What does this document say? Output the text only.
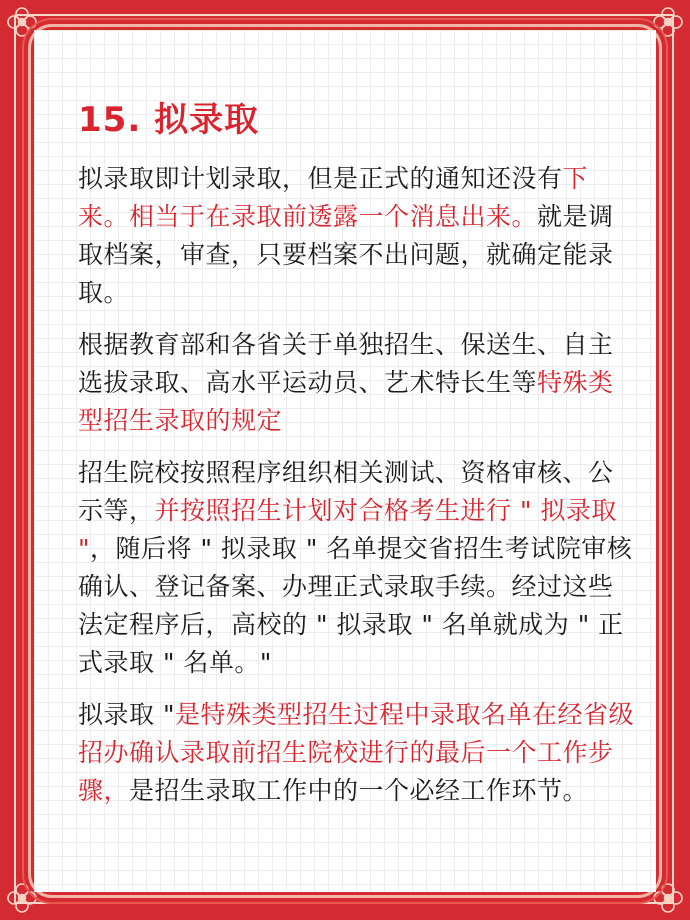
15. 拟录取

拟录取即计划录取，但是正式的通知还没有下来。相当于在录取前透露一个消息出来。就是调取档案，审查，只要档案不出问题，就确定能录取。

根据教育部和各省关于单独招生、保送生、自主选拔录取、高水平运动员、艺术特长生等特殊类型招生录取的规定

招生院校按照程序组织相关测试、资格审核、公示等，并按照招生计划对合格考生进行 " 拟录取 "，随后将 " 拟录取 " 名单提交省招生考试院审核确认、登记备案、办理正式录取手续。经过这些法定程序后，高校的 " 拟录取 " 名单就成为 " 正式录取 " 名单。"

拟录取 "是特殊类型招生过程中录取名单在经省级招办确认录取前招生院校进行的最后一个工作步骤，是招生录取工作中的一个必经工作环节。
